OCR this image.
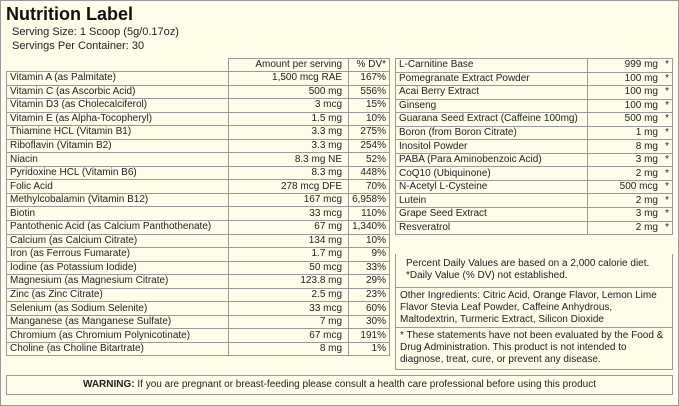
Nutrition Label
Serving Size: 1 Scoop (5g/0.17oz)
Servings Per Container: 30
	Amount per serving	% DV*
Vitamin A (as Palmitate)	1,500 mcg RAE	167%
Vitamin C (as Ascorbic Acid)	500 mg	556%
Vitamin D3 (as Cholecalciferol)	3 mcg	15%
Vitamin E (as Alpha-Tocopheryl)	1.5 mg	10%
Thiamine HCL (Vitamin B1)	3.3 mg	275%
Riboflavin (Vitamin B2)	3.3 mg	254%
Niacin	8.3 mg NE	52%
Pyridoxine HCL (Vitamin B6)	8.3 mg	448%
Folic Acid	278 mcg DFE	70%
Methylcobalamin (Vitamin B12)	167 mcg	6,958%
Biotin	33 mcg	110%
Pantothenic Acid (as Calcium Panthothenate)	67 mg	1,340%
Calcium (as Calcium Citrate)	134 mg	10%
Iron (as Ferrous Fumarate)	1.7 mg	9%
Iodine (as Potassium Iodide)	50 mcg	33%
Magnesium (as Magnesium Citrate)	123.8 mg	29%
Zinc (as Zinc Citrate)	2.5 mg	23%
Selenium (as Sodium Selenite)	33 mcg	60%
Manganese (as Manganese Sulfate)	7 mg	30%
Chromium (as Chromium Polynicotinate)	67 mcg	191%
Choline (as Choline Bitartrate)	8 mg	1%
L-Carnitine Base	999 mg	*
Pomegranate Extract Powder	100 mg	*
Acai Berry Extract	100 mg	*
Ginseng	100 mg	*
Guarana Seed Extract (Caffeine 100mg)	500 mg	*
Boron (from Boron Citrate)	1 mg	*
Inositol Powder	8 mg	*
PABA (Para Aminobenzoic Acid)	3 mg	*
CoQ10 (Ubiquinone)	2 mg	*
N-Acetyl L-Cysteine	500 mcg	*
Lutein	2 mg	*
Grape Seed Extract	3 mg	*
Resveratrol	2 mg	*
Percent Daily Values are based on a 2,000 calorie diet.
*Daily Value (% DV) not established.
Other Ingredients: Citric Acid, Orange Flavor, Lemon Lime Flavor Stevia Leaf Powder, Caffeine Anhydrous, Maltodextrin, Turmeric Extract, Silicon Dioxide
* These statements have not been evaluated by the Food & Drug Administration. This product is not intended to diagnose, treat, cure, or prevent any disease.
WARNING: If you are pregnant or breast-feeding please consult a health care professional before using this product
